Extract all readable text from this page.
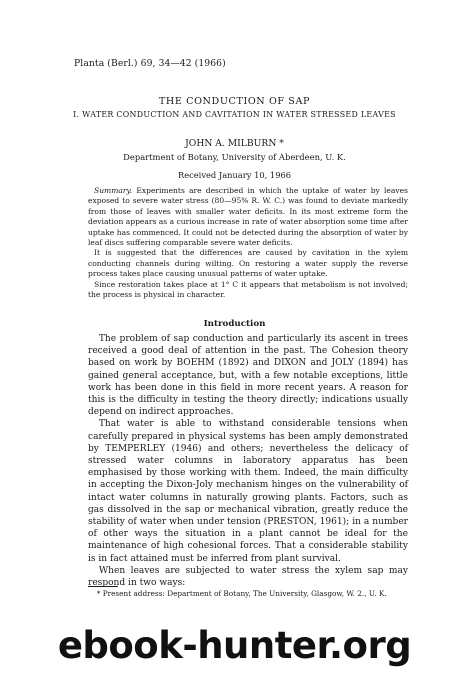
Planta (Berl.) 69, 34—42 (1966)
THE CONDUCTION OF SAP
I. WATER CONDUCTION AND CAVITATION IN WATER STRESSED LEAVES
JOHN A. MILBURN *
Department of Botany, University of Aberdeen, U. K.
Received January 10, 1966

Summary. Experiments are described in which the uptake of water by leaves exposed to severe water stress (80—95% R. W. C.) was found to deviate markedly from those of leaves with smaller water deficits. In its most extreme form the deviation appears as a curious increase in rate of water absorption some time after uptake has commenced. It could not be detected during the absorption of water by leaf discs suffering comparable severe water deficits.

It is suggested that the differences are caused by cavitation in the xylem conducting channels during wilting. On restoring a water supply the reverse process takes place causing unusual patterns of water uptake.

Since restoration takes place at 1° C it appears that metabolism is not involved; the process is physical in character.

Introduction

The problem of sap conduction and particularly its ascent in trees received a good deal of attention in the past. The Cohesion theory based on work by BOEHM (1892) and DIXON and JOLY (1894) has gained general acceptance, but, with a few notable exceptions, little work has been done in this field in more recent years. A reason for this is the difficulty in testing the theory directly; indications usually depend on indirect approaches.

That water is able to withstand considerable tensions when carefully prepared in physical systems has been amply demonstrated by TEMPERLEY (1946) and others; nevertheless the delicacy of stressed water columns in laboratory apparatus has been emphasised by those working with them. Indeed, the main difficulty in accepting the Dixon-Joly mechanism hinges on the vulnerability of intact water columns in naturally growing plants. Factors, such as gas dissolved in the sap or mechanical vibration, greatly reduce the stability of water when under tension (PRESTON, 1961); in a number of other ways the situation in a plant cannot be ideal for the maintenance of high cohesional forces. That a considerable stability is in fact attained must be inferred from plant survival.

When leaves are subjected to water stress the xylem sap may respond in two ways:

* Present address: Department of Botany, The University, Glasgow, W. 2., U. K.

ebook-hunter.org
